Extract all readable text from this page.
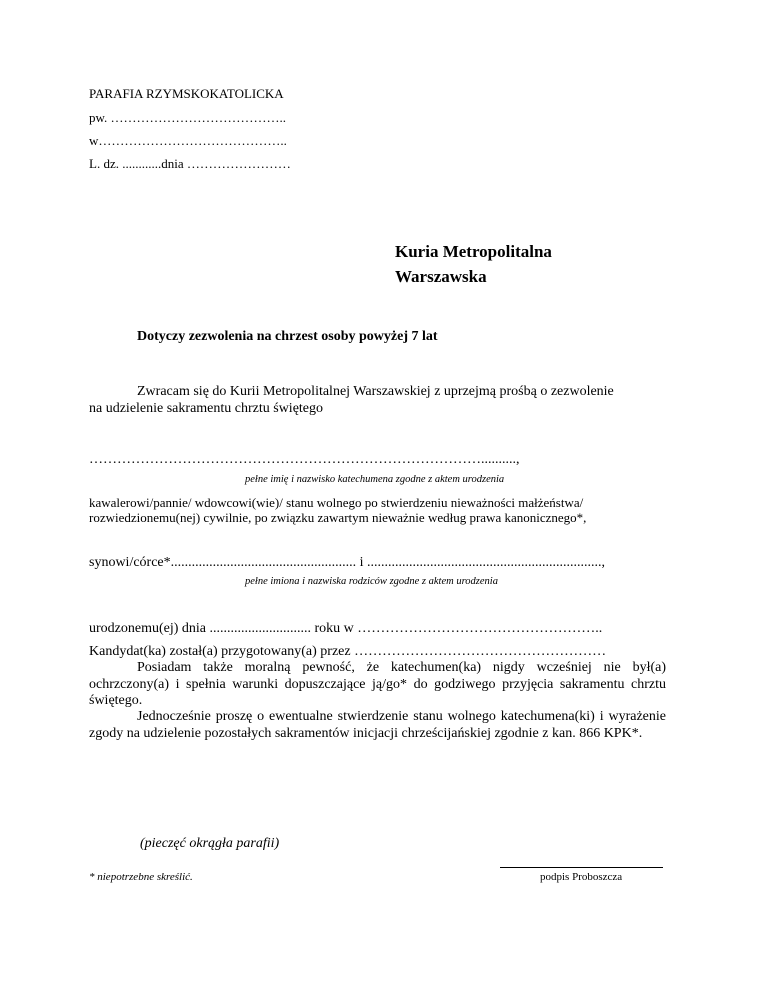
PARAFIA RZYMSKOKATOLICKA
pw. …………………………………..
w……………………………………..
L. dz. ............dnia ……………………
Kuria Metropolitalna
Warszawska
Dotyczy zezwolenia na chrzest osoby powyżej 7 lat
Zwracam się do Kurii Metropolitalnej Warszawskiej z uprzejmą prośbą o zezwolenie
na udzielenie sakramentu chrztu świętego
…………………………………………………………………………..........,
pełne imię i nazwisko katechumena zgodne z aktem urodzenia
kawalerowi/pannie/ wdowcowi(wie)/ stanu wolnego po stwierdzeniu nieważności małżeństwa/
rozwiedzionemu(nej) cywilnie, po związku zawartym nieważnie według prawa kanonicznego*,
synowi/córce*..................................................... i ...................................................................,
pełne imiona i nazwiska rodziców zgodne z aktem urodzenia
urodzonemu(ej) dnia ............................. roku w ……………………………………………..
Kandydat(ka) został(a) przygotowany(a) przez ………………………………………………
Posiadam także moralną pewność, że katechumen(ka) nigdy wcześniej nie był(a) ochrzczony(a) i spełnia warunki dopuszczające ją/go* do godziwego przyjęcia sakramentu chrztu świętego.
Jednocześnie proszę o ewentualne stwierdzenie stanu wolnego katechumena(ki) i wyrażenie zgody na udzielenie pozostałych sakramentów inicjacji chrześcijańskiej zgodnie z kan. 866 KPK*.
(pieczęć okrągła parafii)
* niepotrzebne skreślić.	podpis Proboszcza
